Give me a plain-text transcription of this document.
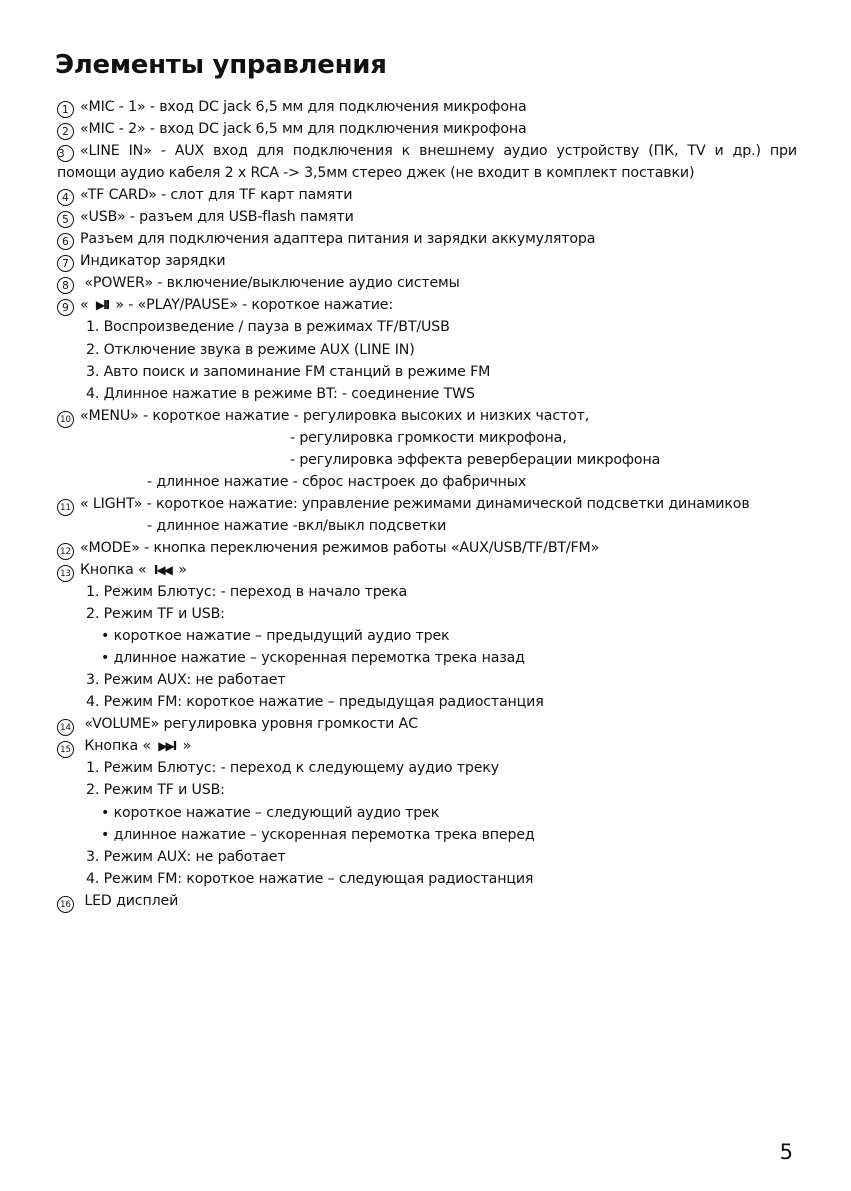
Элементы управления
1 «MIC - 1» - вход DC jack 6,5 мм для подключения микрофона
2 «MIC - 2» - вход DC jack 6,5 мм для подключения микрофона
3 «LINE IN» - AUX вход для подключения к внешнему аудио устройству (ПК, TV и др.) при
помощи аудио кабеля 2 x RCA -> 3,5мм стерео джек (не входит в комплект поставки)
4 «TF CARD» - слот для TF карт памяти
5 «USB» - разъем для USB-flash памяти
6 Разъем для подключения адаптера питания и зарядки аккумулятора
7 Индикатор зарядки
8 «POWER» - включение/выключение аудио системы
9 « ▶II » - «PLAY/PAUSE» - короткое нажатие:
1. Воспроизведение / пауза в режимах TF/BT/USB
2. Отключение звука в режиме AUX (LINE IN)
3. Авто поиск и запоминание FM станций в режиме FM
4. Длинное нажатие в режиме BT: - соединение TWS
10 «MENU» - короткое нажатие - регулировка высоких и низких частот,
- регулировка громкости микрофона,
- регулировка эффекта реверберации микрофона
- длинное нажатие - сброс настроек до фабричных
11 « LIGHT» - короткое нажатие: управление режимами динамической подсветки динамиков
- длинное нажатие -вкл/выкл подсветки
12 «MODE» - кнопка переключения режимов работы «AUX/USB/TF/BT/FM»
13 Кнопка « I◀◀ »
1. Режим Блютус: - переход в начало трека
2. Режим TF и USB:
• короткое нажатие – предыдущий аудио трек
• длинное нажатие – ускоренная перемотка трека назад
3. Режим AUX: не работает
4. Режим FM: короткое нажатие – предыдущая радиостанция
14 «VOLUME» регулировка уровня громкости АС
15 Кнопка « ▶▶I »
1. Режим Блютус: - переход к следующему аудио треку
2. Режим TF и USB:
• короткое нажатие – следующий аудио трек
• длинное нажатие – ускоренная перемотка трека вперед
3. Режим AUX: не работает
4. Режим FM: короткое нажатие – следующая радиостанция
16 LED дисплей
5
